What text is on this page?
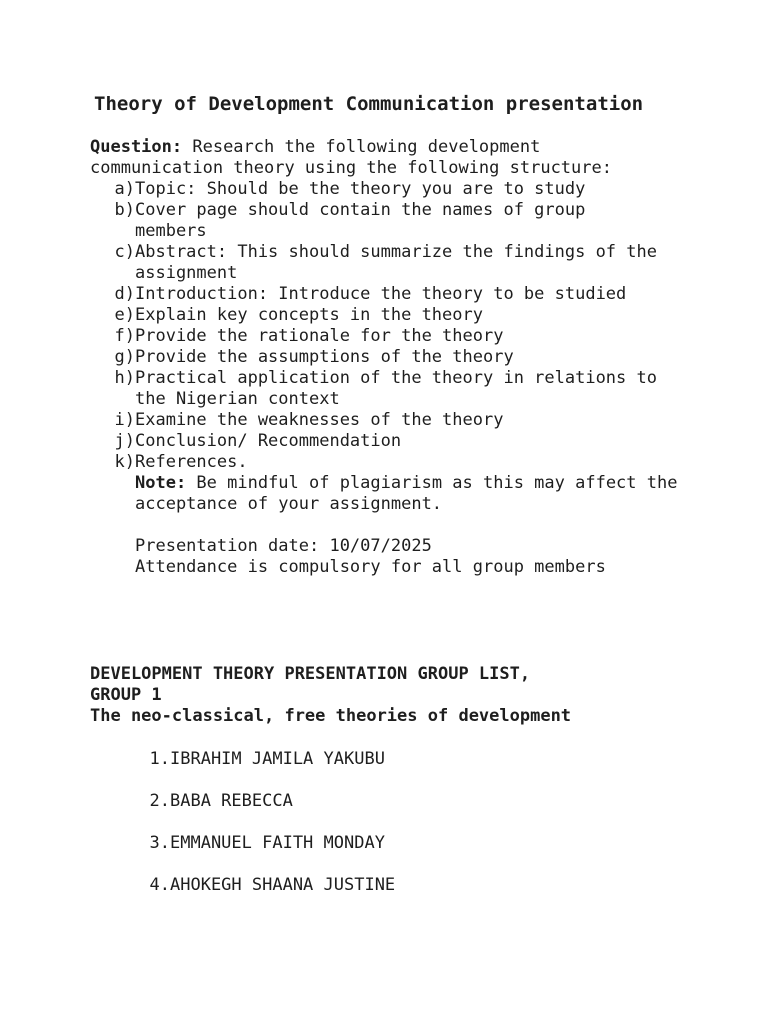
Theory of Development Communication presentation
Question: Research the following development
communication theory using the following structure:
a) Topic: Should be the theory you are to study
b) Cover page should contain the names of group members
c) Abstract: This should summarize the findings of the assignment
d) Introduction: Introduce the theory to be studied
e) Explain key concepts in the theory
f) Provide the rationale for the theory
g) Provide the assumptions of the theory
h) Practical application of the theory in relations to the Nigerian context
i) Examine the weaknesses of the theory
j) Conclusion/ Recommendation
k) References.
Note: Be mindful of plagiarism as this may affect the acceptance of your assignment.
Presentation date: 10/07/2025
Attendance is compulsory for all group members
DEVELOPMENT THEORY PRESENTATION GROUP LIST,
GROUP 1
The neo-classical, free theories of development
1. IBRAHIM JAMILA YAKUBU
2. BABA REBECCA
3. EMMANUEL FAITH MONDAY
4. AHOKEGH SHAANA JUSTINE
